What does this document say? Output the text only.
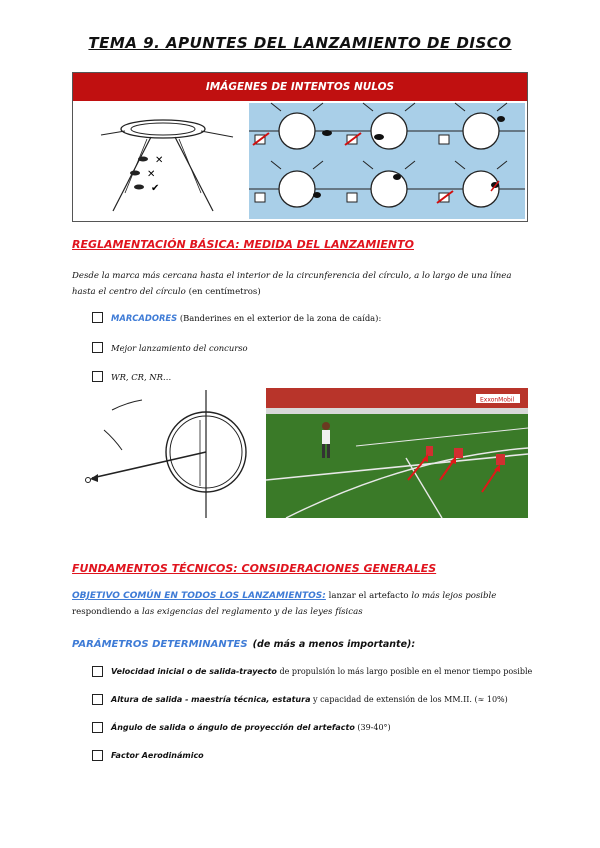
TEMA 9. APUNTES DEL LANZAMIENTO DE DISCO
IMÁGENES DE INTENTOS NULOS
✕
✕
✔
REGLAMENTACIÓN BÁSICA: MEDIDA DEL LANZAMIENTO
Desde la marca más cercana hasta el interior de la circunferencia del círculo, a lo largo de una línea hasta el centro del círculo (en centímetros)
MARCADORES (Banderines en el exterior de la zona de caída):
Mejor lanzamiento del concurso
WR, CR, NR…
ExxonMobil
FUNDAMENTOS TÉCNICOS: CONSIDERACIONES GENERALES
OBJETIVO COMÚN EN TODOS LOS LANZAMIENTOS: lanzar el artefacto lo más lejos posible respondiendo a las exigencias del reglamento y de las leyes físicas
PARÁMETROS DETERMINANTES (de más a menos importante):
Velocidad inicial o de salida-trayecto de propulsión lo más largo posible en el menor tiempo posible
Altura de salida - maestría técnica, estatura y capacidad de extensión de los MM.II. (≈ 10%)
Ángulo de salida o ángulo de proyección del artefacto (39-40°)
Factor Aerodinámico
